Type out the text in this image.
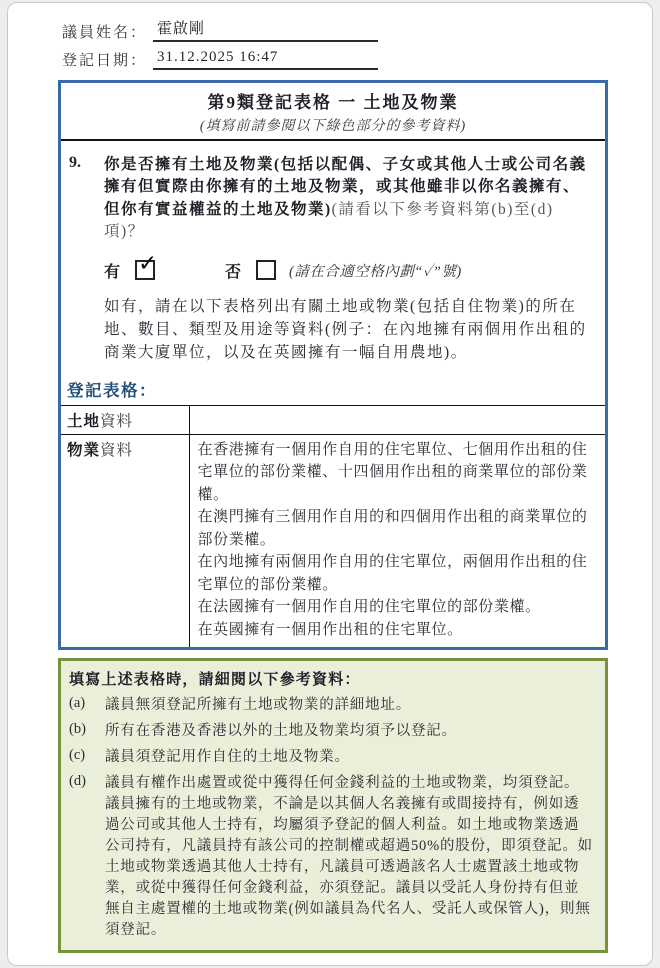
議員姓名： 霍啟剛
登記日期： 31.12.2025 16:47
第9類登記表格 一 土地及物業
(填寫前請參閱以下綠色部分的參考資料)
9.	你是否擁有土地及物業(包括以配偶、子女或其他人士或公司名義擁有但實際由你擁有的土地及物業，或其他雖非以你名義擁有、但你有實益權益的土地及物業)(請看以下參考資料第(b)至(d)項)？
有 ✓	否	(請在合適空格內劃“✓”號)
如有，請在以下表格列出有關土地或物業(包括自住物業)的所在地、數目、類型及用途等資料(例子：在內地擁有兩個用作出租的商業大廈單位，以及在英國擁有一幅自用農地)。
登記表格：
土地資料	
物業資料	在香港擁有一個用作自用的住宅單位、七個用作出租的住宅單位的部份業權、十四個用作出租的商業單位的部份業權。
在澳門擁有三個用作自用的和四個用作出租的商業單位的部份業權。
在內地擁有兩個用作自用的住宅單位，兩個用作出租的住宅單位的部份業權。
在法國擁有一個用作自用的住宅單位的部份業權。
在英國擁有一個用作出租的住宅單位。
填寫上述表格時，請細閱以下參考資料：
(a)	議員無須登記所擁有土地或物業的詳細地址。
(b)	所有在香港及香港以外的土地及物業均須予以登記。
(c)	議員須登記用作自住的土地及物業。
(d)	議員有權作出處置或從中獲得任何金錢利益的土地或物業，均須登記。議員擁有的土地或物業，不論是以其個人名義擁有或間接持有，例如透過公司或其他人士持有，均屬須予登記的個人利益。如土地或物業透過公司持有，凡議員持有該公司的控制權或超過50%的股份，即須登記。如土地或物業透過其他人士持有，凡議員可透過該名人士處置該土地或物業，或從中獲得任何金錢利益，亦須登記。議員以受託人身份持有但並無自主處置權的土地或物業(例如議員為代名人、受託人或保管人)，則無須登記。
